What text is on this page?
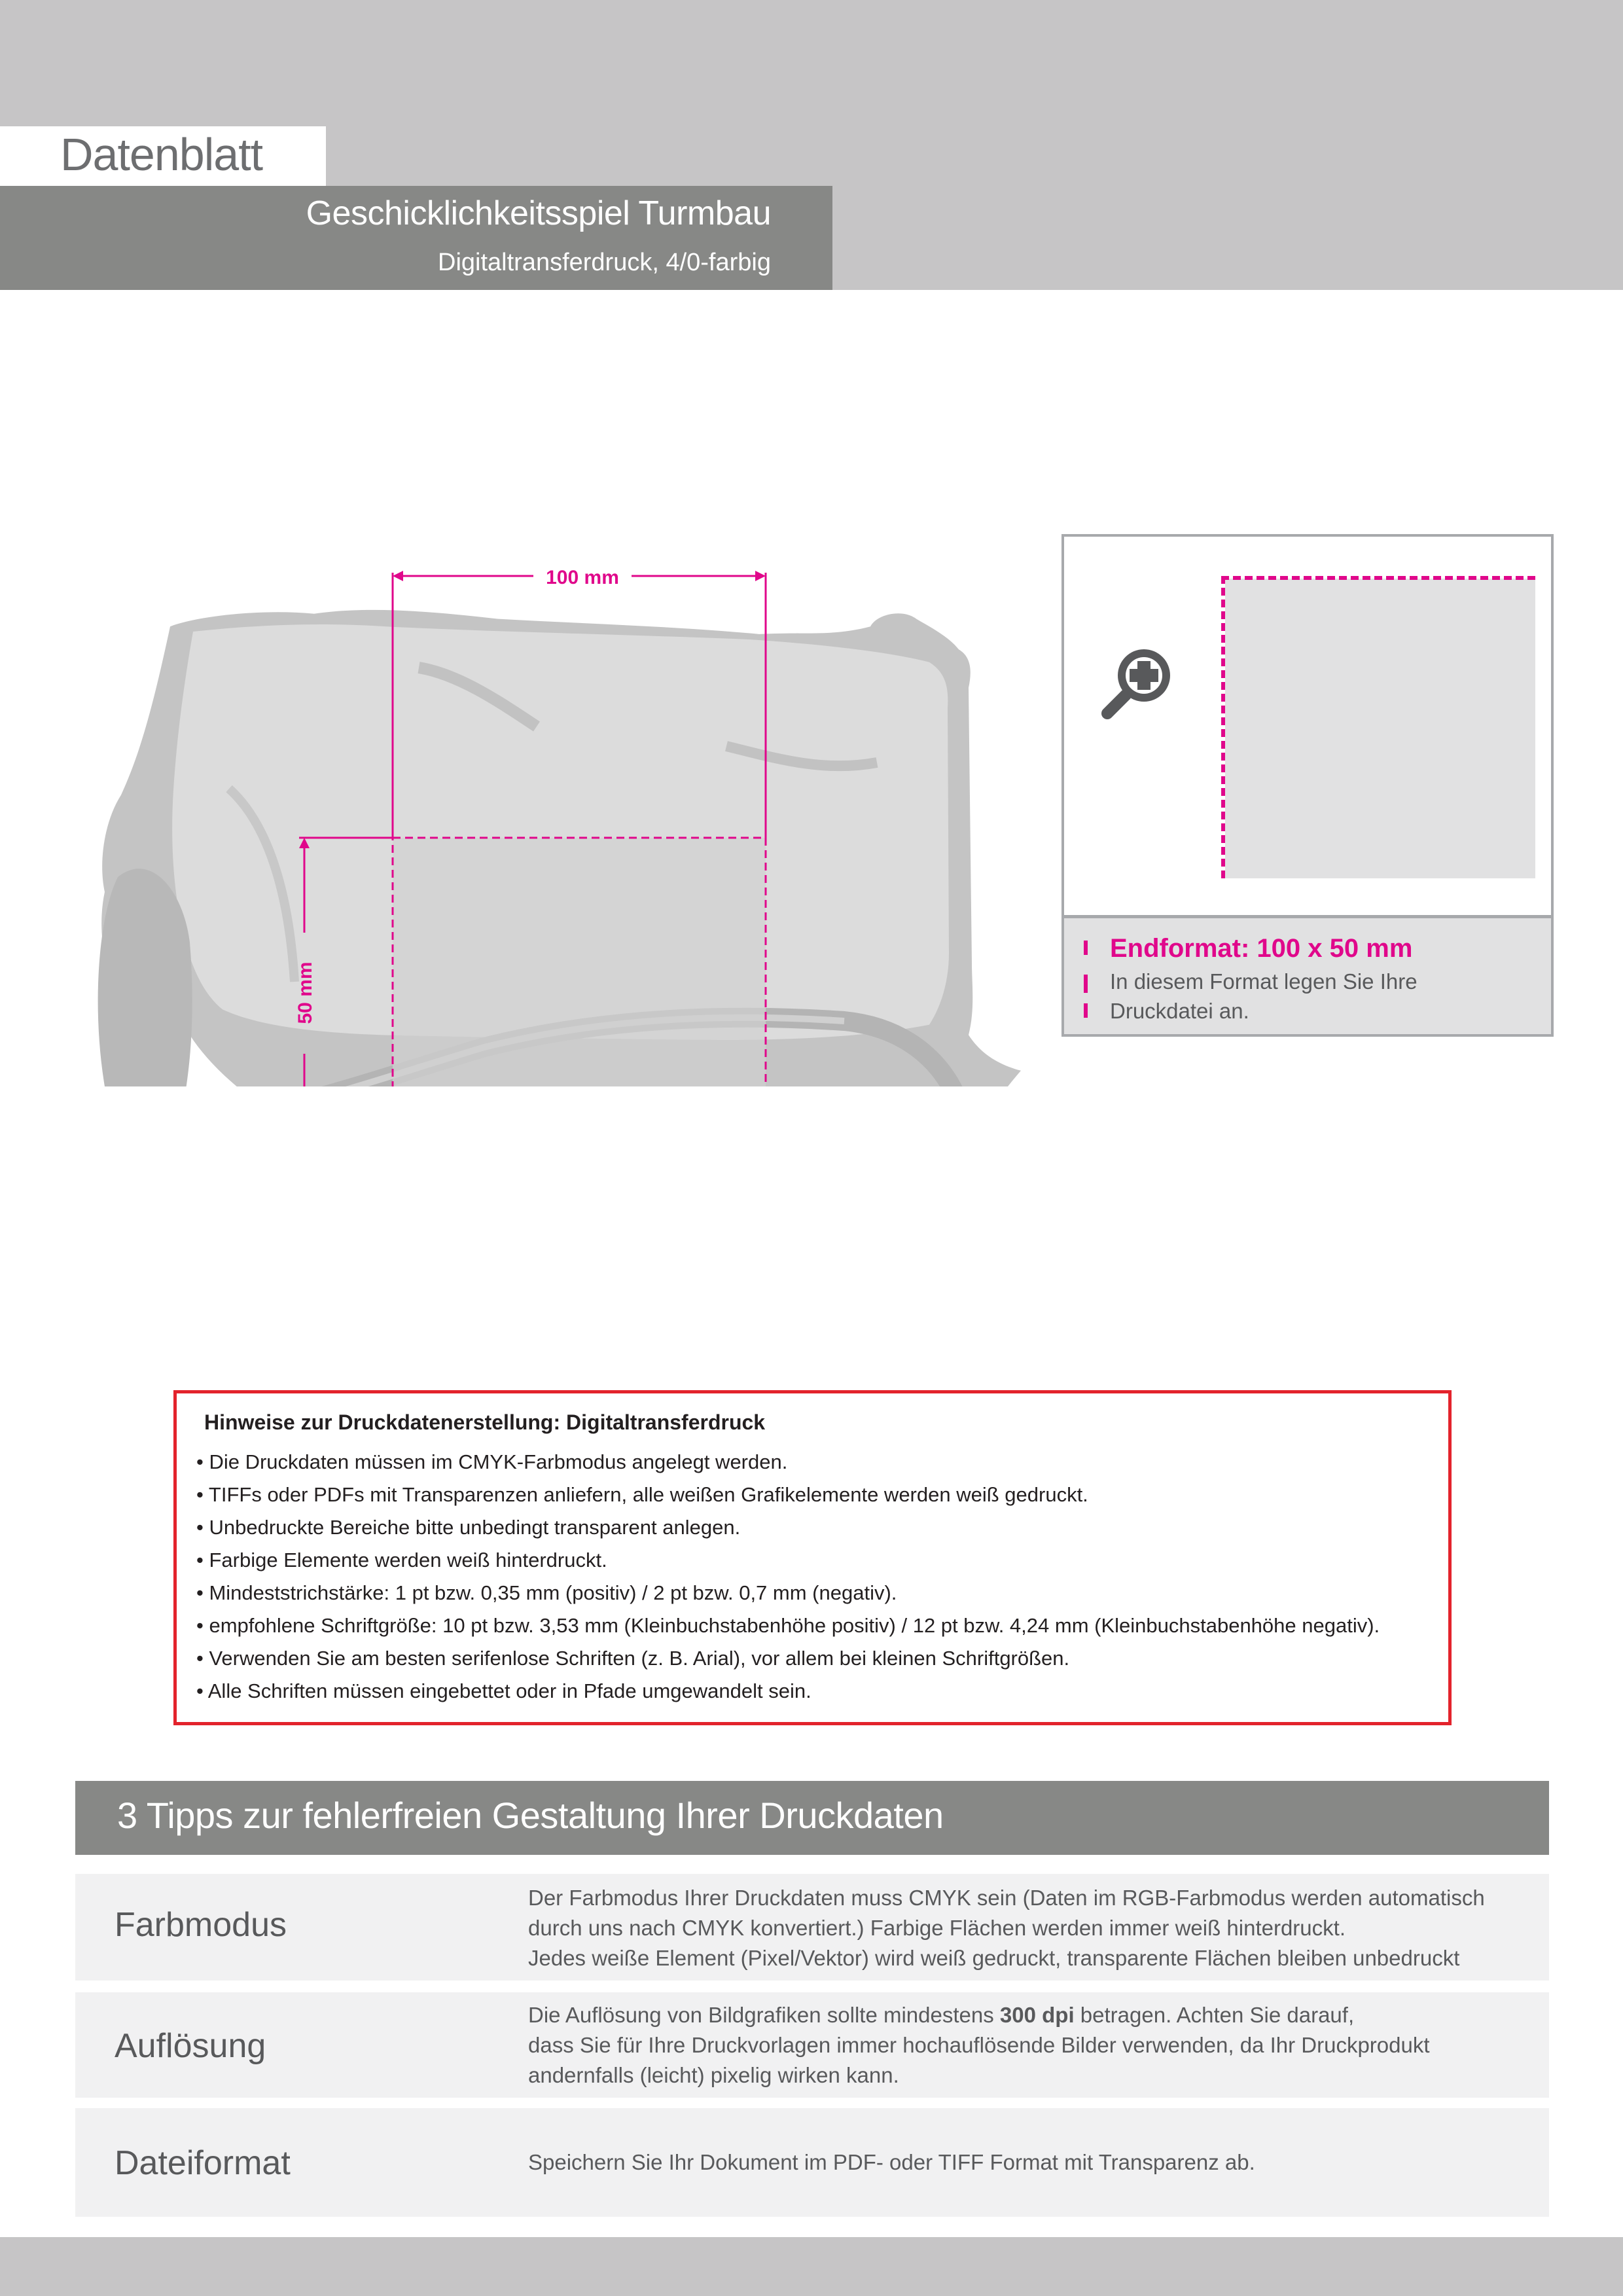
Datenblatt
Geschicklichkeitsspiel Turmbau
Digitaltransferdruck, 4/0-farbig
100 mm
50 mm
Endformat: 100 x 50 mm
In diesem Format legen Sie Ihre
Druckdatei an.
Hinweise zur Druckdatenerstellung: Digitaltransferdruck
• Die Druckdaten müssen im CMYK-Farbmodus angelegt werden.
• TIFFs oder PDFs mit Transparenzen anliefern, alle weißen Grafikelemente werden weiß gedruckt.
• Unbedruckte Bereiche bitte unbedingt transparent anlegen.
• Farbige Elemente werden weiß hinterdruckt.
• Mindeststrichstärke: 1 pt bzw. 0,35 mm (positiv) / 2 pt bzw. 0,7 mm (negativ).
• empfohlene Schriftgröße: 10 pt bzw. 3,53 mm (Kleinbuchstabenhöhe positiv) / 12 pt bzw. 4,24 mm (Kleinbuchstabenhöhe negativ).
• Verwenden Sie am besten serifenlose Schriften (z. B. Arial), vor allem bei kleinen Schriftgrößen.
• Alle Schriften müssen eingebettet oder in Pfade umgewandelt sein.
3 Tipps zur fehlerfreien Gestaltung Ihrer Druckdaten
Farbmodus
Der Farbmodus Ihrer Druckdaten muss CMYK sein (Daten im RGB-Farbmodus werden automatisch
durch uns nach CMYK konvertiert.) Farbige Flächen werden immer weiß hinterdruckt.
Jedes weiße Element (Pixel/Vektor) wird weiß gedruckt, transparente Flächen bleiben unbedruckt
Auflösung
Die Auflösung von Bildgrafiken sollte mindestens 300 dpi betragen. Achten Sie darauf,
dass Sie für Ihre Druckvorlagen immer hochauflösende Bilder verwenden, da Ihr Druckprodukt
andernfalls (leicht) pixelig wirken kann.
Dateiformat	Speichern Sie Ihr Dokument im PDF- oder TIFF Format mit Transparenz ab.
